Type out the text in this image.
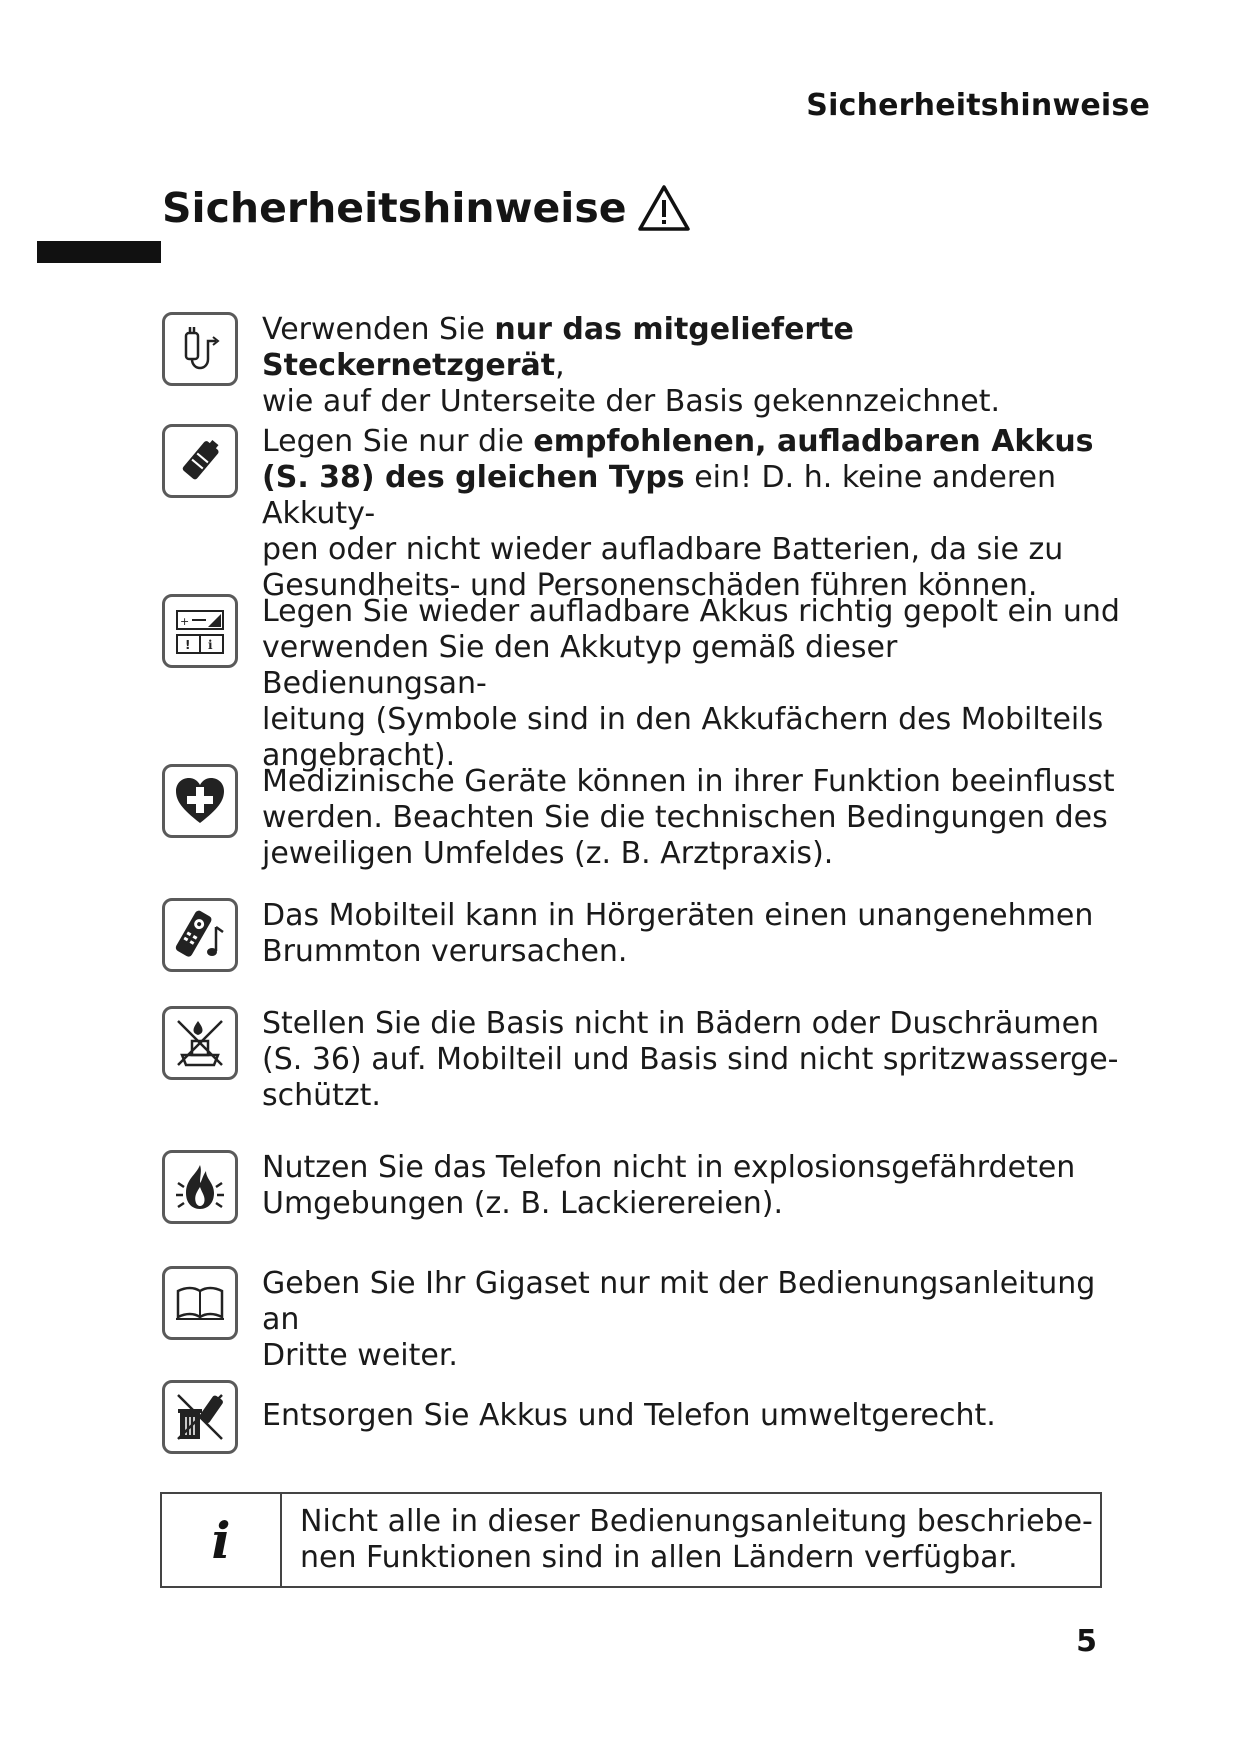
Sicherheitshinweise
Sicherheitshinweise
Verwenden Sie nur das mitgelieferte Steckernetzgerät,
wie auf der Unterseite der Basis gekennzeichnet.
Legen Sie nur die empfohlenen, aufladbaren Akkus
(S. 38) des gleichen Typs ein! D. h. keine anderen Akkuty-
pen oder nicht wieder aufladbare Batterien, da sie zu
Gesundheits- und Personenschäden führen können.
+
! i
Legen Sie wieder aufladbare Akkus richtig gepolt ein und
verwenden Sie den Akkutyp gemäß dieser Bedienungsan-
leitung (Symbole sind in den Akkufächern des Mobilteils
angebracht).
Medizinische Geräte können in ihrer Funktion beeinflusst
werden. Beachten Sie die technischen Bedingungen des
jeweiligen Umfeldes (z. B. Arztpraxis).
Das Mobilteil kann in Hörgeräten einen unangenehmen
Brummton verursachen.
Stellen Sie die Basis nicht in Bädern oder Duschräumen
(S. 36) auf. Mobilteil und Basis sind nicht spritzwasserge-
schützt.
Nutzen Sie das Telefon nicht in explosionsgefährdeten
Umgebungen (z. B. Lackierereien).
Geben Sie Ihr Gigaset nur mit der Bedienungsanleitung an
Dritte weiter.
Entsorgen Sie Akkus und Telefon umweltgerecht.
i	Nicht alle in dieser Bedienungsanleitung beschriebe-
nen Funktionen sind in allen Ländern verfügbar.
5
